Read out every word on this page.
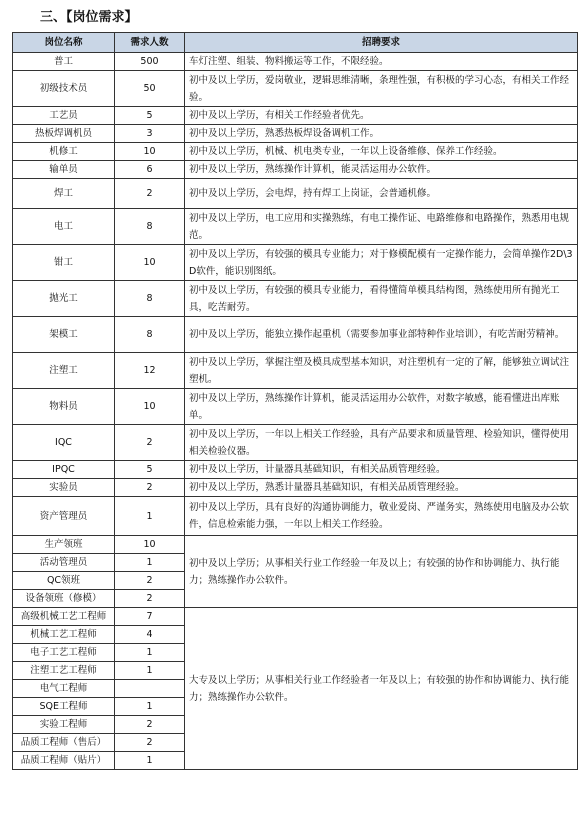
三、【岗位需求】
岗位名称	需求人数	招聘要求
普工	500	车灯注塑、组装、物料搬运等工作，不限经验。
初级技术员	50	初中及以上学历，爱岗敬业，逻辑思维清晰，条理性强，有积极的学习心态，有相关工作经验。
工艺员	5	初中及以上学历，有相关工作经验者优先。
热板焊调机员	3	初中及以上学历，熟悉热板焊设备调机工作。
机修工	10	初中及以上学历，机械、机电类专业，一年以上设备维修、保养工作经验。
输单员	6	初中及以上学历，熟练操作计算机，能灵活运用办公软件。
焊工	2	初中及以上学历，会电焊，持有焊工上岗证，会普通机修。
电工	8	初中及以上学历，电工应用和实操熟练，有电工操作证、电路维修和电路操作，熟悉用电规范。
钳工	10	初中及以上学历，有较强的模具专业能力；对于修模配模有一定操作能力，会简单操作2D\3D软件，能识别图纸。
抛光工	8	初中及以上学历，有较强的模具专业能力，看得懂简单模具结构图，熟练使用所有抛光工具，吃苦耐劳。
架模工	8	初中及以上学历，能独立操作起重机（需要参加事业部特种作业培训），有吃苦耐劳精神。
注塑工	12	初中及以上学历，掌握注塑及模具成型基本知识，对注塑机有一定的了解，能够独立调试注塑机。
物料员	10	初中及以上学历，熟练操作计算机，能灵活运用办公软件，对数字敏感，能看懂进出库账单。
IQC	2	初中及以上学历，一年以上相关工作经验，具有产品要求和质量管理、检验知识，懂得使用相关检验仪器。
IPQC	5	初中及以上学历，计量器具基础知识，有相关品质管理经验。
实验员	2	初中及以上学历，熟悉计量器具基础知识，有相关品质管理经验。
资产管理员	1	初中及以上学历，具有良好的沟通协调能力，敬业爱岗、严谨务实，熟练使用电脑及办公软件，信息检索能力强，一年以上相关工作经验。
生产领班	10	初中及以上学历；从事相关行业工作经验一年及以上；有较强的协作和协调能力、执行能力；熟练操作办公软件。
活动管理员	1	
QC领班	2	
设备领班（修模）	2	
高级机械工艺工程师	7	大专及以上学历；从事相关行业工作经验者一年及以上；有较强的协作和协调能力、执行能力；熟练操作办公软件。
机械工艺工程师	4	
电子工艺工程师	1	
注塑工艺工程师	1	
电气工程师		
SQE工程师	1	
实验工程师	2	
品质工程师（售后）	2	
品质工程师（贴片）	1	
